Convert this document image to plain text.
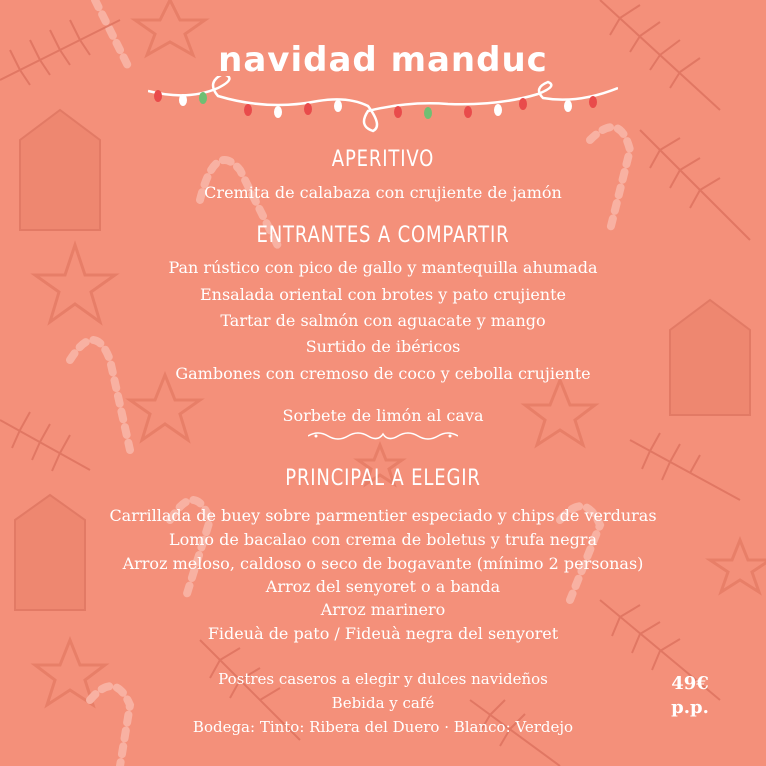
navidad manduc
APERITIVO
Cremita de calabaza con crujiente de jamón
ENTRANTES A COMPARTIR
Pan rústico con pico de gallo y mantequilla ahumada
Ensalada oriental con brotes y pato crujiente
Tartar de salmón con aguacate y mango
Surtido de ibéricos
Gambones con cremoso de coco y cebolla crujiente
Sorbete de limón al cava
PRINCIPAL A ELEGIR
Carrillada de buey sobre parmentier especiado y chips de verduras
Lomo de bacalao con crema de boletus y trufa negra
Arroz meloso, caldoso o seco de bogavante (mínimo 2 personas)
Arroz del senyoret o a banda
Arroz marinero
Fideuà de pato / Fideuà negra del senyoret
Postres caseros a elegir y dulces navideños
Bebida y café
Bodega: Tinto: Ribera del Duero · Blanco: Verdejo
49€
p.p.
